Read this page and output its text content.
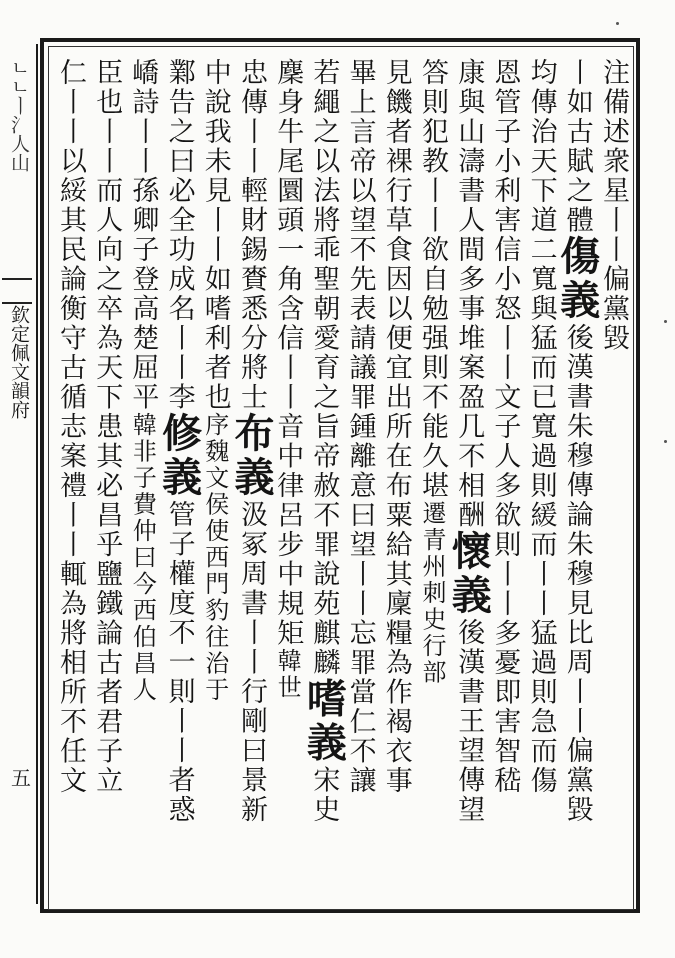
ㄴㄴㅣ氵人山
欽定佩文韻府
五
注備述衆星丨丨偏黨毀
丨如古賦之體傷義後漢書朱穆傳論朱穆見比周丨丨偏黨毀
均傳治天下道二寬與猛而已寬過則緩而丨丨猛過則急而傷
恩管子小利害信小怒丨丨文子人多欲則丨丨多憂即害智嵇
康與山濤書人間多事堆案盈几不相酬懷義後漢書王望傳望
答則犯教丨丨欲自勉强則不能久堪遷青州刺史行部
見饑者裸行草食因以便宜出所在布粟給其廩糧為作褐衣事
畢上言帝以望不先表請議罪鍾離意曰望丨丨忘罪當仁不讓
若繩之以法將乖聖朝愛育之旨帝赦不罪說苑麒麟嗜義宋史
麇身牛尾圜頭一角含信丨丨音中律呂步中規矩韓世
忠傳丨丨輕財錫賚悉分將士布義汲冢周書丨丨行剛曰景新
中說我未見丨丨如嗜利者也序魏文侯使西門豹往治于
鄴告之曰必全功成名丨丨李修義管子權度不一則丨丨者惑
嶠詩丨丨孫卿子登高楚屈平韓非子費仲曰今西伯昌人
臣也丨丨而人向之卒為天下患其必昌乎鹽鐵論古者君子立
仁丨丨以綏其民論衡守古循志案禮丨丨輒為將相所不任文
